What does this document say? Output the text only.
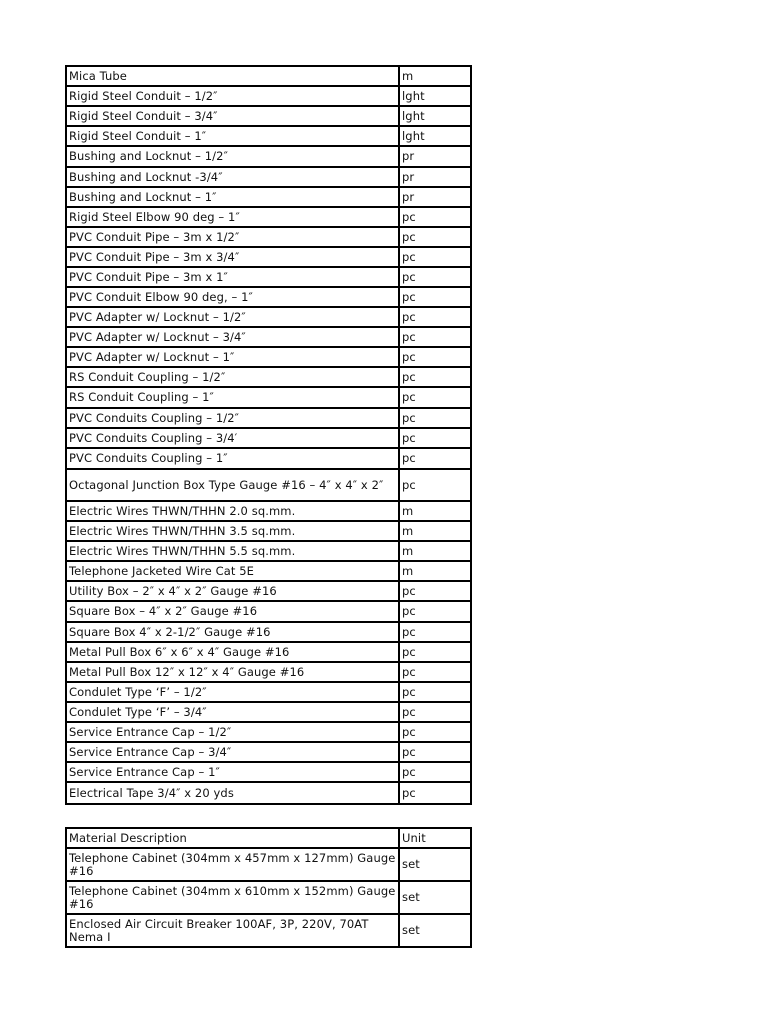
Mica Tube	m
Rigid Steel Conduit – 1/2″	lght
Rigid Steel Conduit – 3/4″	lght
Rigid Steel Conduit – 1″	lght
Bushing and Locknut – 1/2″	pr
Bushing and Locknut -3/4″	pr
Bushing and Locknut – 1″	pr
Rigid Steel Elbow 90 deg – 1″	pc
PVC Conduit Pipe – 3m x 1/2″	pc
PVC Conduit Pipe – 3m x 3/4″	pc
PVC Conduit Pipe – 3m x 1″	pc
PVC Conduit Elbow 90 deg, – 1″	pc
PVC Adapter w/ Locknut – 1/2″	pc
PVC Adapter w/ Locknut – 3/4″	pc
PVC Adapter w/ Locknut – 1″	pc
RS Conduit Coupling – 1/2″	pc
RS Conduit Coupling – 1″	pc
PVC Conduits Coupling – 1/2″	pc
PVC Conduits Coupling – 3/4′	pc
PVC Conduits Coupling – 1″	pc
Octagonal Junction Box Type Gauge #16 – 4″ x 4″ x 2″	pc
Electric Wires THWN/THHN 2.0 sq.mm.	m
Electric Wires THWN/THHN 3.5 sq.mm.	m
Electric Wires THWN/THHN 5.5 sq.mm.	m
Telephone Jacketed Wire Cat 5E	m
Utility Box – 2″ x 4″ x 2″ Gauge #16	pc
Square Box – 4″ x 2″ Gauge #16	pc
Square Box 4″ x 2-1/2″ Gauge #16	pc
Metal Pull Box 6″ x 6″ x 4″ Gauge #16	pc
Metal Pull Box 12″ x 12″ x 4″ Gauge #16	pc
Condulet Type ‘F’ – 1/2″	pc
Condulet Type ‘F’ – 3/4″	pc
Service Entrance Cap – 1/2″	pc
Service Entrance Cap – 3/4″	pc
Service Entrance Cap – 1″	pc
Electrical Tape 3/4″ x 20 yds	pc
Material Description	Unit
Telephone Cabinet (304mm x 457mm x 127mm) Gauge #16	set
Telephone Cabinet (304mm x 610mm x 152mm) Gauge #16	set
Enclosed Air Circuit Breaker 100AF, 3P, 220V, 70AT Nema I	set
